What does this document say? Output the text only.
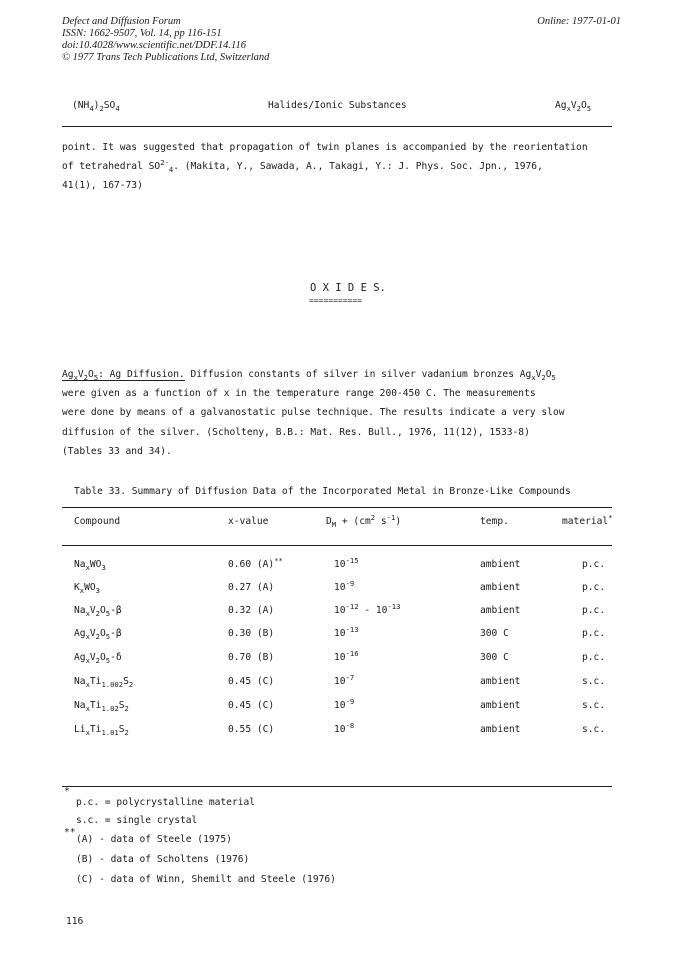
Defect and Diffusion Forum
ISSN: 1662-9507, Vol. 14, pp 116-151
doi:10.4028/www.scientific.net/DDF.14.116
© 1977 Trans Tech Publications Ltd, Switzerland
Online: 1977-01-01
$(NH_4)_2SO_4$	Halides/Ionic Substances	$Ag_xV_2O_5$
point. It was suggested that propagation of twin planes is accompanied by the reorientation
of tetrahedral $SO^{2-}_4$. (Makita, Y., Sawada, A., Takagi, Y.: J. Phys. Soc. Jpn., 1976,
41(1), 167-73)
O X I D E S.
===========
$Ag_xV_2O_5$: Ag Diffusion. Diffusion constants of silver in silver vadanium bronzes $Ag_xV_2O_5$
were given as a function of x in the temperature range 200-450 C. The measurements
were done by means of a galvanostatic pulse technique. The results indicate a very slow
diffusion of the silver. (Scholteny, B.B.: Mat. Res. Bull., 1976, 11(12), 1533-8)
(Tables 33 and 34).
Table 33. Summary of Diffusion Data of the Incorporated Metal in Bronze-Like Compounds
Compound	x-value	$D_M + (cm^2$ $s^{-1}$)	temp.	material*
$Na_xWO_3$	0.60 (A)**	$10^{-15}$	ambient	p.c.
$K_xWO_3$	0.27 (A)	$10^{-9}$	ambient	p.c.
$Na_xV_2O_5-\beta$	0.32 (A)	$10^{-12} - 10^{-13}$	ambient	p.c.
$Ag_xV_2O_5-\beta$	0.30 (B)	$10^{-13}$	300 C	p.c.
$Ag_xV_2O_5-\delta$	0.70 (B)	$10^{-16}$	300 C	p.c.
$Na_xTi_{1.002}S_2$	0.45 (C)	$10^{-7}$	ambient	s.c.
$Na_xTi_{1.02}S_2$	0.45 (C)	$10^{-9}$	ambient	s.c.
$Li_xTi_{1.01}S_2$	0.55 (C)	$10^{-8}$	ambient	s.c.
*
p.c. = polycrystalline material
s.c. = single crystal
**
(A) - data of Steele (1975)
(B) - data of Scholtens (1976)
(C) - data of Winn, Shemilt and Steele (1976)
116
